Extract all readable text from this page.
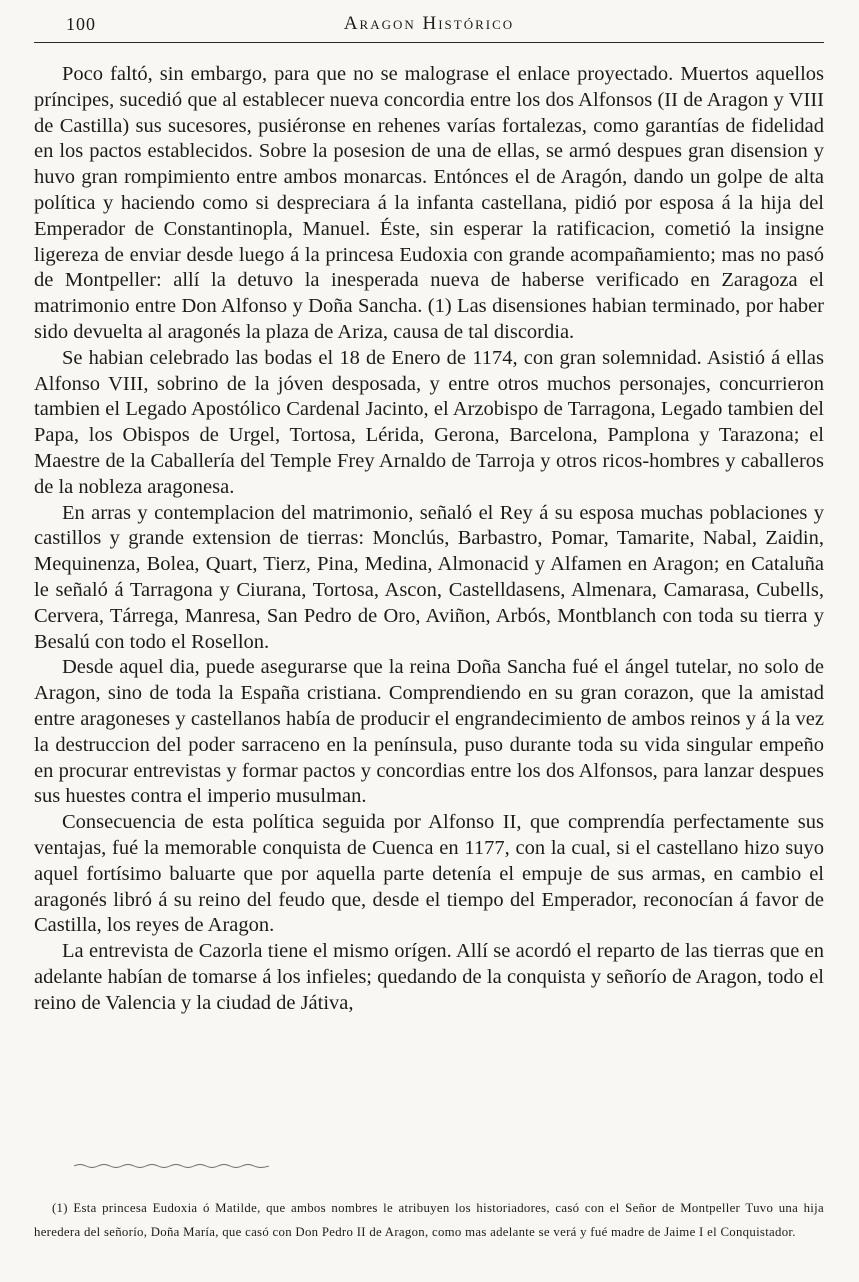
100	Aragon Histórico

Poco faltó, sin embargo, para que no se malograse el enlace proyectado. Muertos aquellos príncipes, sucedió que al establecer nueva concordia entre los dos Alfonsos (II de Aragon y VIII de Castilla) sus sucesores, pusiéronse en rehenes varías fortalezas, como garantías de fidelidad en los pactos establecidos. Sobre la posesion de una de ellas, se armó despues gran disension y huvo gran rompimiento entre ambos monarcas. Entónces el de Aragón, dando un golpe de alta política y haciendo como si despreciara á la infanta castellana, pidió por esposa á la hija del Emperador de Constantinopla, Manuel. Éste, sin esperar la ratificacion, cometió la insigne ligereza de enviar desde luego á la princesa Eudoxia con grande acompañamiento; mas no pasó de Montpeller: allí la detuvo la inesperada nueva de haberse verificado en Zaragoza el matrimonio entre Don Alfonso y Doña Sancha. (1) Las disensiones habian terminado, por haber sido devuelta al aragonés la plaza de Ariza, causa de tal discordia.

Se habian celebrado las bodas el 18 de Enero de 1174, con gran solemnidad. Asistió á ellas Alfonso VIII, sobrino de la jóven desposada, y entre otros muchos personajes, concurrieron tambien el Legado Apostólico Cardenal Jacinto, el Arzobispo de Tarragona, Legado tambien del Papa, los Obispos de Urgel, Tortosa, Lérida, Gerona, Barcelona, Pamplona y Tarazona; el Maestre de la Caballería del Temple Frey Arnaldo de Tarroja y otros ricos-hombres y caballeros de la nobleza aragonesa.

En arras y contemplacion del matrimonio, señaló el Rey á su esposa muchas poblaciones y castillos y grande extension de tierras: Monclús, Barbastro, Pomar, Tamarite, Nabal, Zaidin, Mequinenza, Bolea, Quart, Tierz, Pina, Medina, Almonacid y Alfamen en Aragon; en Cataluña le señaló á Tarragona y Ciurana, Tortosa, Ascon, Castelldasens, Almenara, Camarasa, Cubells, Cervera, Tárrega, Manresa, San Pedro de Oro, Aviñon, Arbós, Montblanch con toda su tierra y Besalú con todo el Rosellon.

Desde aquel dia, puede asegurarse que la reina Doña Sancha fué el ángel tutelar, no solo de Aragon, sino de toda la España cristiana. Comprendiendo en su gran corazon, que la amistad entre aragoneses y castellanos había de producir el engrandecimiento de ambos reinos y á la vez la destruccion del poder sarraceno en la península, puso durante toda su vida singular empeño en procurar entrevistas y formar pactos y concordias entre los dos Alfonsos, para lanzar despues sus huestes contra el imperio musulman.

Consecuencia de esta política seguida por Alfonso II, que comprendía perfectamente sus ventajas, fué la memorable conquista de Cuenca en 1177, con la cual, si el castellano hizo suyo aquel fortísimo baluarte que por aquella parte detenía el empuje de sus armas, en cambio el aragonés libró á su reino del feudo que, desde el tiempo del Emperador, reconocían á favor de Castilla, los reyes de Aragon.

La entrevista de Cazorla tiene el mismo orígen. Allí se acordó el reparto de las tierras que en adelante habían de tomarse á los infieles; quedando de la conquista y señorío de Aragon, todo el reino de Valencia y la ciudad de Játiva,

(1) Esta princesa Eudoxia ó Matilde, que ambos nombres le atribuyen los historiadores, casó con el Señor de Montpeller Tuvo una hija heredera del señorío, Doña María, que casó con Don Pedro II de Aragon, como mas adelante se verá y fué madre de Jaime I el Conquistador.
